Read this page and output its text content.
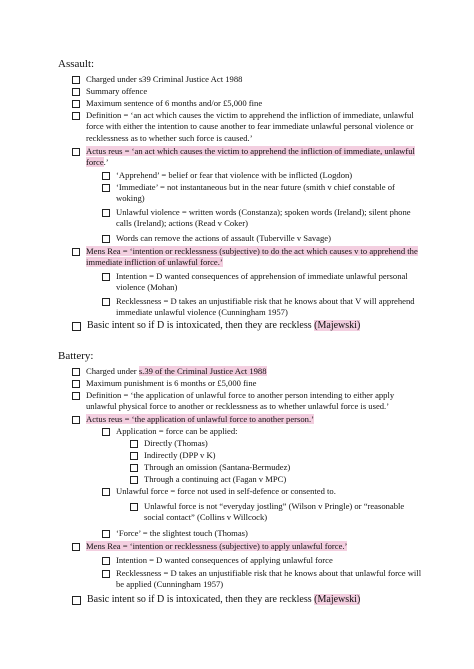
Assault:
Charged under s39 Criminal Justice Act 1988
Summary offence
Maximum sentence of 6 months and/or £5,000 fine
Definition = ‘an act which causes the victim to apprehend the infliction of immediate, unlawful force with either the intention to cause another to fear immediate unlawful personal violence or recklessness as to whether such force is caused.’
Actus reus = ‘an act which causes the victim to apprehend the infliction of immediate, unlawful force.’
‘Apprehend’ = belief or fear that violence with be inflicted (Logdon)
‘Immediate’ = not instantaneous but in the near future (smith v chief constable of woking)
Unlawful violence = written words (Constanza); spoken words (Ireland); silent phone calls (Ireland); actions (Read v Coker)
Words can remove the actions of assault (Tuberville v Savage)
Mens Rea = ‘intention or recklessness (subjective) to do the act which causes v to apprehend the immediate infliction of unlawful force.’
Intention = D wanted consequences of apprehension of immediate unlawful personal violence (Mohan)
Recklessness = D takes an unjustifiable risk that he knows about that V will apprehend immediate unlawful violence (Cunningham 1957)
Basic intent so if D is intoxicated, then they are reckless (Majewski)
Battery:
Charged under s.39 of the Criminal Justice Act 1988
Maximum punishment is 6 months or £5,000 fine
Definition = ‘the application of unlawful force to another person intending to either apply unlawful physical force to another or recklessness as to whether unlawful force is used.’
Actus reus = ‘the application of unlawful force to another person.’
Application = force can be applied:
Directly (Thomas)
Indirectly (DPP v K)
Through an omission (Santana-Bermudez)
Through a continuing act (Fagan v MPC)
Unlawful force = force not used in self-defence or consented to.
Unlawful force is not “everyday jostling” (Wilson v Pringle) or “reasonable social contact” (Collins v Willcock)
‘Force’ = the slightest touch (Thomas)
Mens Rea = ‘intention or recklessness (subjective) to apply unlawful force.’
Intention = D wanted consequences of applying unlawful force
Recklessness = D takes an unjustifiable risk that he knows about that unlawful force will be applied (Cunningham 1957)
Basic intent so if D is intoxicated, then they are reckless (Majewski)
